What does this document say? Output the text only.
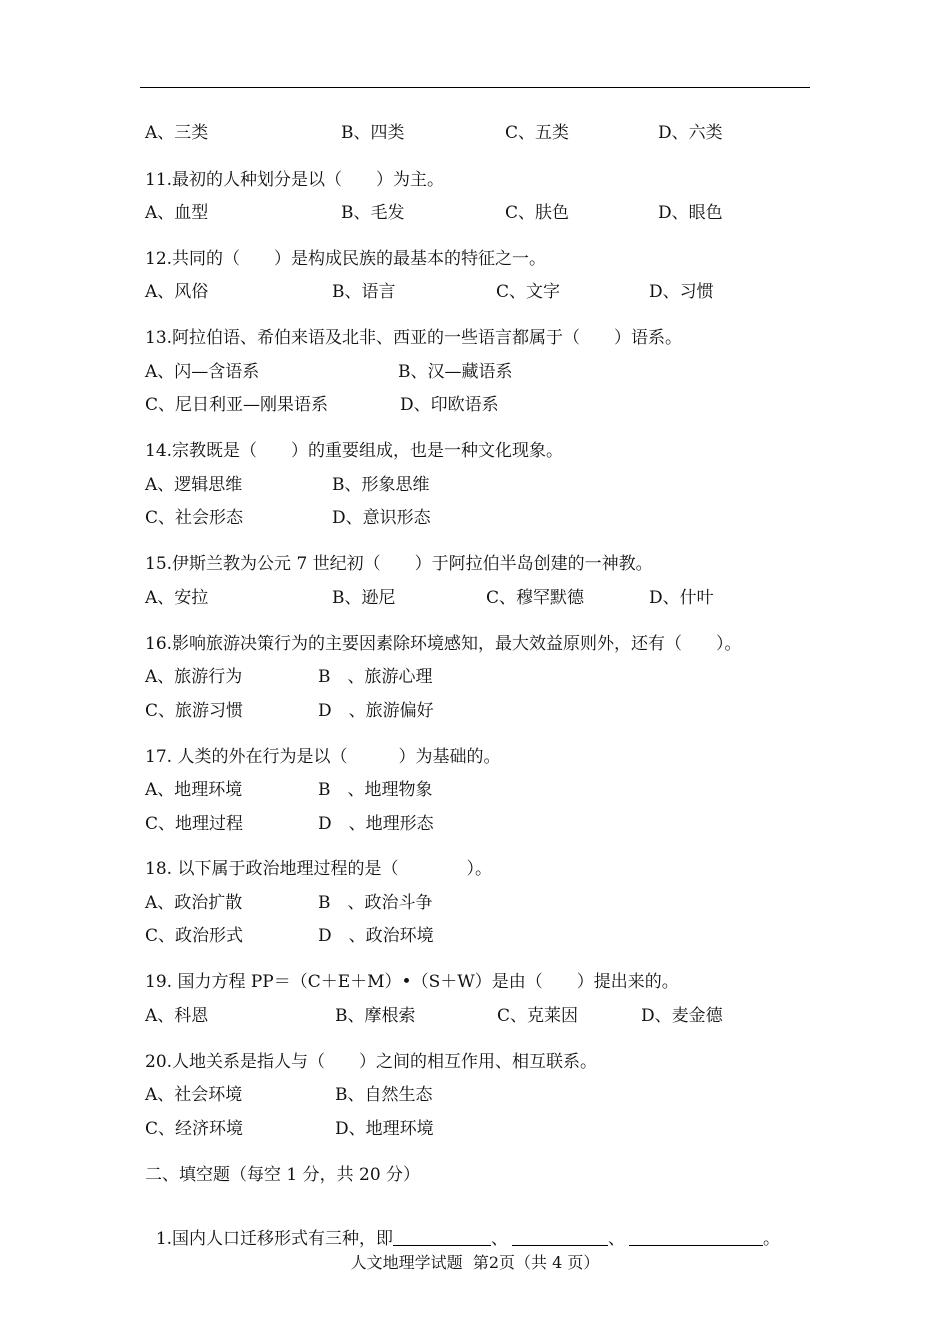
A、三类	B、四类	C、五类	D、六类
11.最初的人种划分是以（　　）为主。
A、血型	B、毛发	C、肤色	D、眼色
12.共同的（　　）是构成民族的最基本的特征之一。
A、风俗	B、语言	C、文字	D、习惯
13.阿拉伯语、希伯来语及北非、西亚的一些语言都属于（　　）语系。
A、闪—含语系	B、汉—藏语系
C、尼日利亚—刚果语系	D、印欧语系
14.宗教既是（　　）的重要组成，也是一种文化现象。
A、逻辑思维	B、形象思维
C、社会形态	D、意识形态
15.伊斯兰教为公元 7 世纪初（　　）于阿拉伯半岛创建的一神教。
A、安拉	B、逊尼	C、穆罕默德	D、什叶
16.影响旅游决策行为的主要因素除环境感知，最大效益原则外，还有（　　）。
A、旅游行为	B　、旅游心理
C、旅游习惯	D　、旅游偏好
17. 人类的外在行为是以（　　　）为基础的。
A、地理环境	B　、地理物象
C、地理过程	D　、地理形态
18. 以下属于政治地理过程的是（　　　　）。
A、政治扩散	B　、政治斗争
C、政治形式	D　、政治环境
19. 国力方程 PP＝（C＋E＋M）•（S＋W）是由（　　）提出来的。
A、科恩	B、摩根索	C、克莱因	D、麦金德
20.人地关系是指人与（　　）之间的相互作用、相互联系。
A、社会环境	B、自然生态
C、经济环境	D、地理环境
二、填空题（每空 1 分，共 20 分）

1.国内人口迁移形式有三种，即	、	、	。

人文地理学试题  第2页（共 4 页）
